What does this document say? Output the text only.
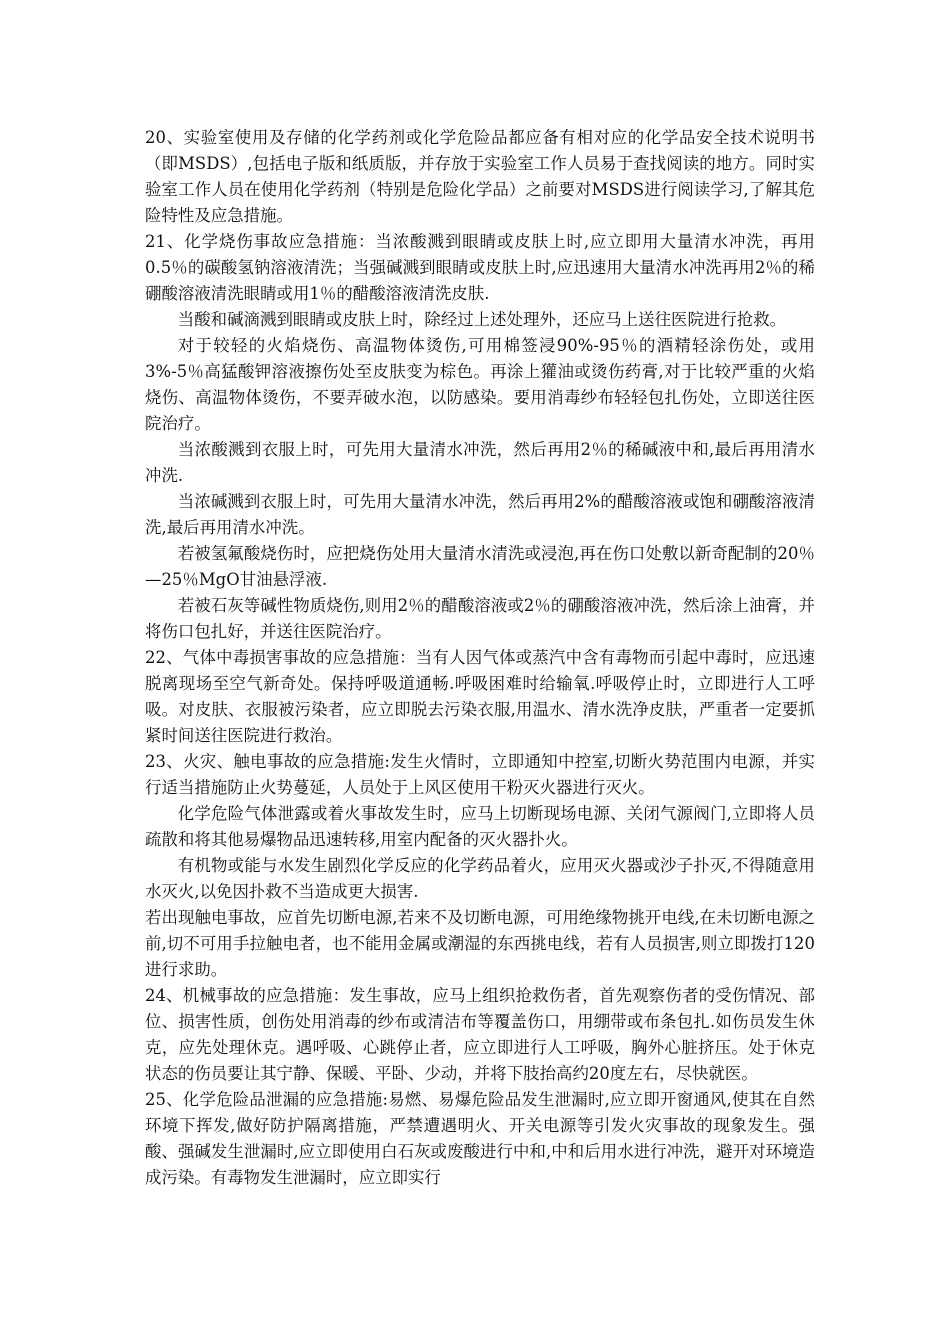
20、实验室使用及存储的化学药剂或化学危险品都应备有相对应的化学品安全技术说明书（即MSDS）,包括电子版和纸质版，并存放于实验室工作人员易于查找阅读的地方。同时实验室工作人员在使用化学药剂（特别是危险化学品）之前要对MSDS进行阅读学习,了解其危险特性及应急措施。

21、化学烧伤事故应急措施：当浓酸溅到眼睛或皮肤上时,应立即用大量清水冲洗，再用0.5％的碳酸氢钠溶液清洗；当强碱溅到眼睛或皮肤上时,应迅速用大量清水冲洗再用2％的稀硼酸溶液清洗眼睛或用1％的醋酸溶液清洗皮肤.

当酸和碱滴溅到眼睛或皮肤上时，除经过上述处理外，还应马上送往医院进行抢救。

对于较轻的火焰烧伤、高温物体烫伤,可用棉签浸90%-95％的酒精轻涂伤处，或用3%-5％高猛酸钾溶液擦伤处至皮肤变为棕色。再涂上獾油或烫伤药膏,对于比较严重的火焰烧伤、高温物体烫伤，不要弄破水泡，以防感染。要用消毒纱布轻轻包扎伤处，立即送往医院治疗。

当浓酸溅到衣服上时，可先用大量清水冲洗，然后再用2％的稀碱液中和,最后再用清水冲洗.

当浓碱溅到衣服上时，可先用大量清水冲洗，然后再用2%的醋酸溶液或饱和硼酸溶液清洗,最后再用清水冲洗。

若被氢氟酸烧伤时，应把烧伤处用大量清水清洗或浸泡,再在伤口处敷以新奇配制的20％—25％MgO甘油悬浮液.

若被石灰等碱性物质烧伤,则用2％的醋酸溶液或2％的硼酸溶液冲洗，然后涂上油膏，并将伤口包扎好，并送往医院治疗。

22、气体中毒损害事故的应急措施：当有人因气体或蒸汽中含有毒物而引起中毒时，应迅速脱离现场至空气新奇处。保持呼吸道通畅.呼吸困难时给输氧.呼吸停止时，立即进行人工呼吸。对皮肤、衣服被污染者，应立即脱去污染衣服,用温水、清水洗净皮肤，严重者一定要抓紧时间送往医院进行救治。

23、火灾、触电事故的应急措施:发生火情时，立即通知中控室,切断火势范围内电源，并实行适当措施防止火势蔓延，人员处于上风区使用干粉灭火器进行灭火。

化学危险气体泄露或着火事故发生时，应马上切断现场电源、关闭气源阀门,立即将人员疏散和将其他易爆物品迅速转移,用室内配备的灭火器扑火。

有机物或能与水发生剧烈化学反应的化学药品着火，应用灭火器或沙子扑灭,不得随意用水灭火,以免因扑救不当造成更大损害.

若出现触电事故，应首先切断电源,若来不及切断电源，可用绝缘物挑开电线,在未切断电源之前,切不可用手拉触电者，也不能用金属或潮湿的东西挑电线，若有人员损害,则立即拨打120进行求助。

24、机械事故的应急措施：发生事故，应马上组织抢救伤者，首先观察伤者的受伤情况、部位、损害性质，创伤处用消毒的纱布或清洁布等覆盖伤口，用绷带或布条包扎.如伤员发生休克，应先处理休克。遇呼吸、心跳停止者，应立即进行人工呼吸，胸外心脏挤压。处于休克状态的伤员要让其宁静、保暖、平卧、少动，并将下肢抬高约20度左右，尽快就医。

25、化学危险品泄漏的应急措施:易燃、易爆危险品发生泄漏时,应立即开窗通风,使其在自然环境下挥发,做好防护隔离措施，严禁遭遇明火、开关电源等引发火灾事故的现象发生。强酸、强碱发生泄漏时,应立即使用白石灰或废酸进行中和,中和后用水进行冲洗，避开对环境造成污染。有毒物发生泄漏时，应立即实行
